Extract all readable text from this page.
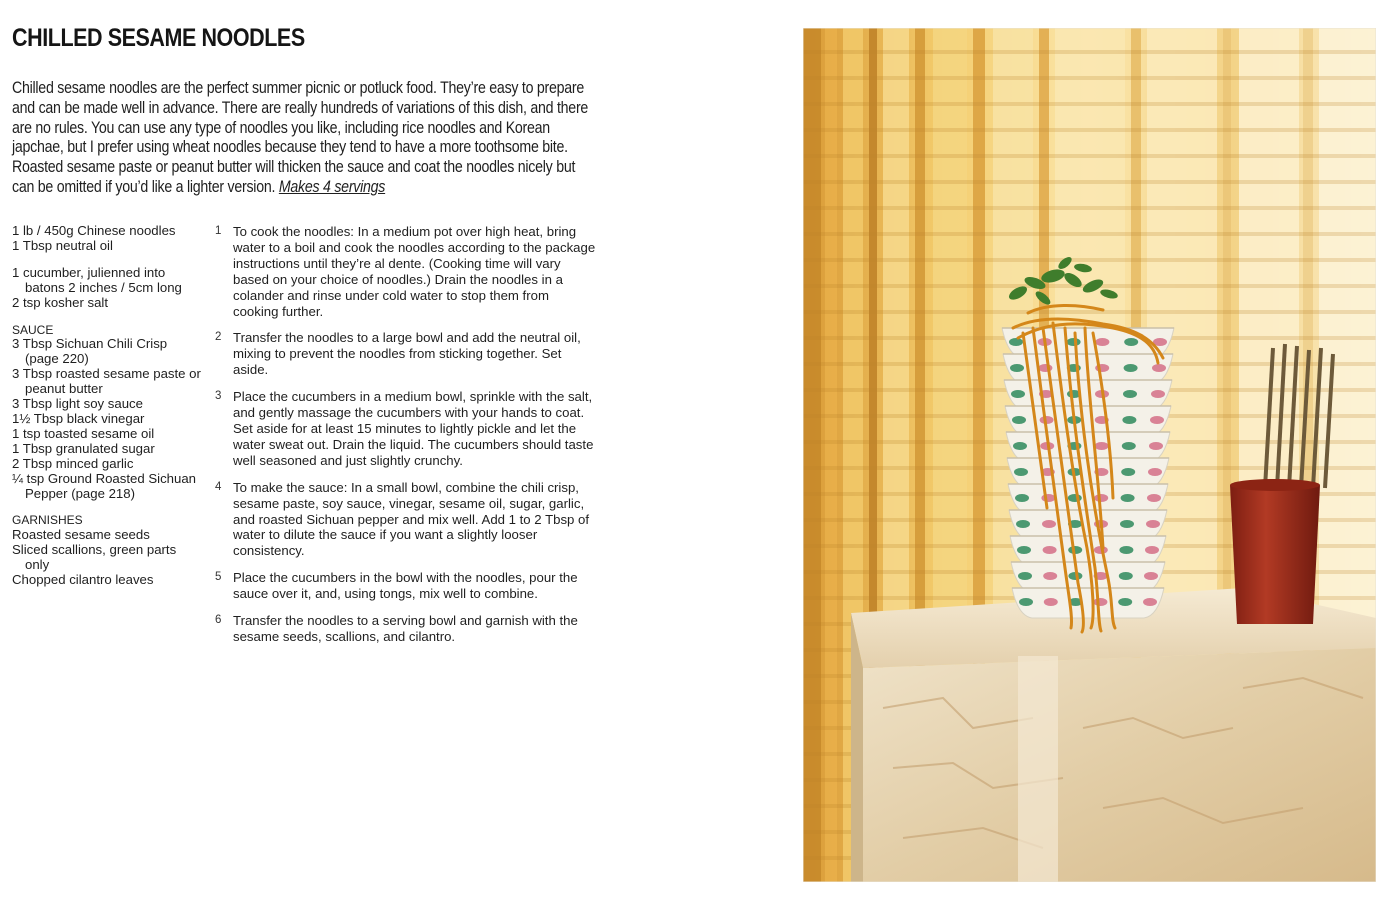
CHILLED SESAME NOODLES

Chilled sesame noodles are the perfect summer picnic or potluck food. They’re easy to prepare and can be made well in advance. There are really hundreds of variations of this dish, and there are no rules. You can use any type of noodles you like, including rice noodles and Korean japchae, but I prefer using wheat noodles because they tend to have a more toothsome bite. Roasted sesame paste or peanut butter will thicken the sauce and coat the noodles nicely but can be omitted if you’d like a lighter version. Makes 4 servings

1 lb / 450g Chinese noodles
1 Tbsp neutral oil
1 cucumber, julienned into batons 2 inches / 5cm long
2 tsp kosher salt
SAUCE
3 Tbsp Sichuan Chili Crisp (page 220)
3 Tbsp roasted sesame paste or peanut butter
3 Tbsp light soy sauce
1½ Tbsp black vinegar
1 tsp toasted sesame oil
1 Tbsp granulated sugar
2 Tbsp minced garlic
¼ tsp Ground Roasted Sichuan Pepper (page 218)
GARNISHES
Roasted sesame seeds
Sliced scallions, green parts only
Chopped cilantro leaves
1 To cook the noodles: In a medium pot over high heat, bring water to a boil and cook the noodles according to the package instructions until they’re al dente. (Cooking time will vary based on your choice of noodles.) Drain the noodles in a colander and rinse under cold water to stop them from cooking further.
2 Transfer the noodles to a large bowl and add the neutral oil, mixing to prevent the noodles from sticking together. Set aside.
3 Place the cucumbers in a medium bowl, sprinkle with the salt, and gently massage the cucumbers with your hands to coat. Set aside for at least 15 minutes to lightly pickle and let the water sweat out. Drain the liquid. The cucumbers should taste well seasoned and just slightly crunchy.
4 To make the sauce: In a small bowl, combine the chili crisp, sesame paste, soy sauce, vinegar, sesame oil, sugar, garlic, and roasted Sichuan pepper and mix well. Add 1 to 2 Tbsp of water to dilute the sauce if you want a slightly looser consistency.
5 Place the cucumbers in the bowl with the noodles, pour the sauce over it, and, using tongs, mix well to combine.
6 Transfer the noodles to a serving bowl and garnish with the sesame seeds, scallions, and cilantro.
